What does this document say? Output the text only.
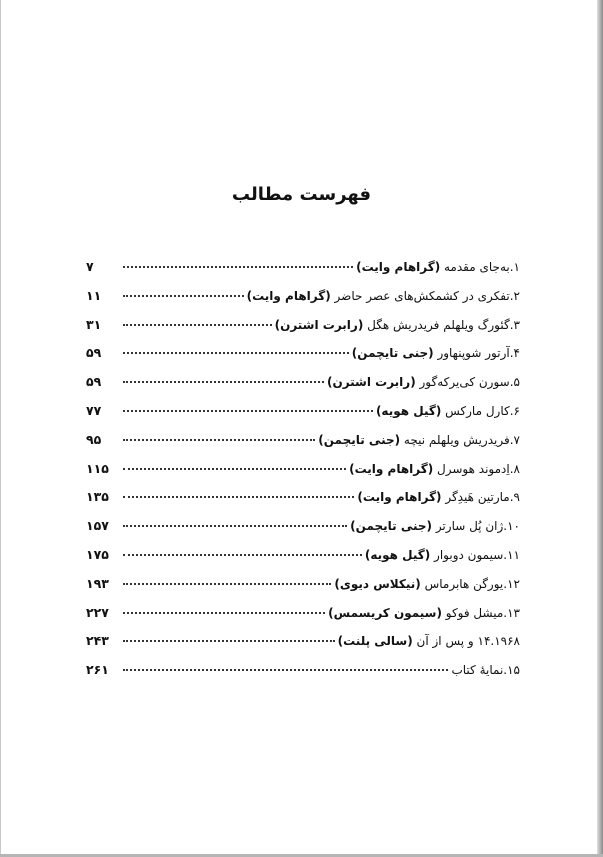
فهرست مطالب
۱.به‌جای مقدمه (گراهام وایت)
۷
۲.تفکری در کشمکش‌های عصر حاضر (گراهام وایت)
۱۱
۳.گئورگ ویلهلم فریدریش هگل (رابرت اشترن)
۳۱
۴.آرتور شوپنهاور (جنی تایچمن)
۵۹
۵.سورن کی‌یرکه‌گور (رابرت اشترن)
۵۹
۶.کارل مارکس (گیل هویه)
۷۷
۷.فریدریش ویلهلم نیچه (جنی تایچمن)
۹۵
۸.اِدموند هوسرل (گراهام وایت)
۱۱۵
۹.مارتین هَیدِگر (گراهام وایت)
۱۳۵
۱۰.ژان پُل سارتر (جنی تایچمن)
۱۵۷
۱۱.سیمون دوبوار (گیل هویه)
۱۷۵
۱۲.یورگن هابرماس (نیکلاس دیوی)
۱۹۳
۱۳.میشل فوکو (سیمون کریسمس)
۲۲۷
۱۴.۱۹۶۸ و پس از آن (سالی پلنت)
۲۴۳
۱۵.نمایهٔ کتاب
۲۶۱
